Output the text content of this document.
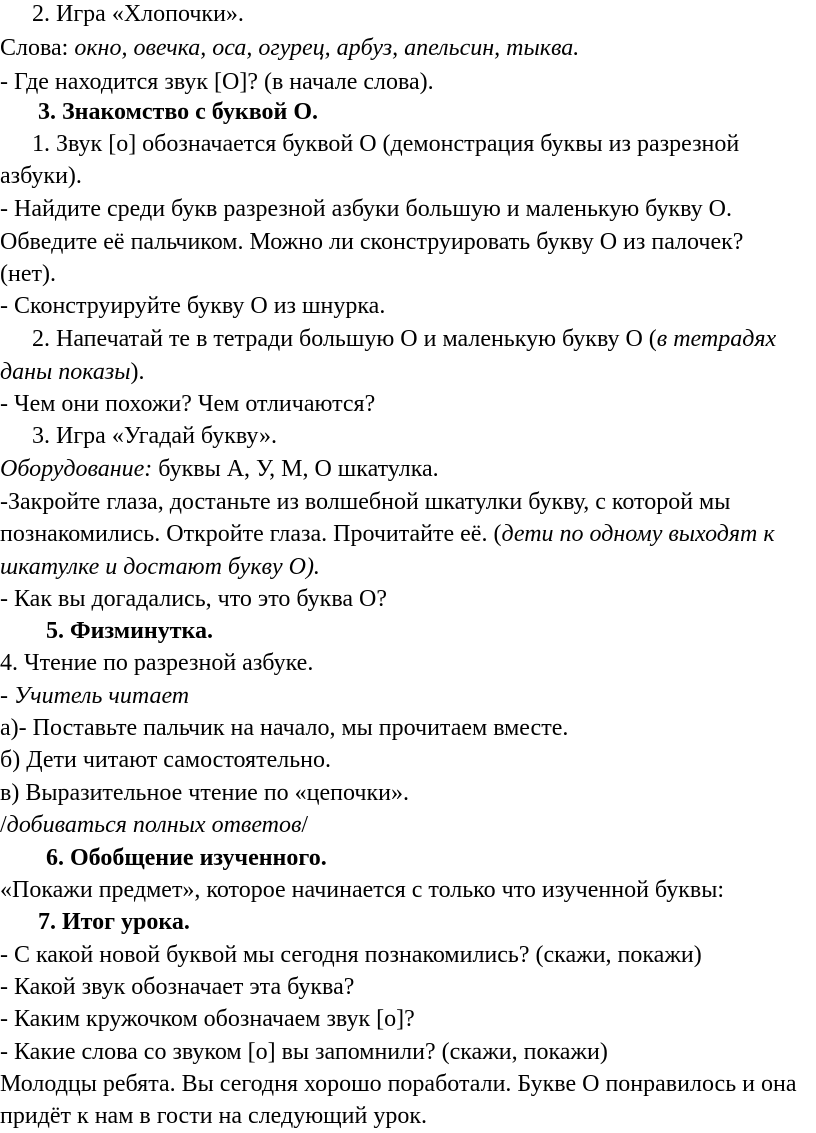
2. Игра «Хлопочки».
Слова: окно, овечка, оса, огурец, арбуз, апельсин, тыква.
- Где находится звук [О]? (в начале слова).
3. Знакомство с буквой О.
1. Звук [о] обозначается буквой О (демонстрация буквы из разрезной
азбуки).
- Найдите среди букв разрезной азбуки большую и маленькую букву О.
Обведите её пальчиком. Можно ли сконструировать букву О из палочек?
(нет).
- Сконструируйте букву О из шнурка.
2. Напечатай те в тетради большую О и маленькую букву О (в тетрадях
даны показы).
- Чем они похожи? Чем отличаются?
3. Игра «Угадай букву».
Оборудование: буквы А, У, М, О шкатулка.
-Закройте глаза, достаньте из волшебной шкатулки букву, с которой мы
познакомились. Откройте глаза. Прочитайте её. (дети по одному выходят к
шкатулке и достают букву О).
- Как вы догадались, что это буква О?
5. Физминутка.
4. Чтение по разрезной азбуке.
- Учитель читает
а)- Поставьте пальчик на начало, мы прочитаем вместе.
б) Дети читают самостоятельно.
в) Выразительное чтение по «цепочки».
/добиваться полных ответов/
6. Обобщение изученного.
«Покажи предмет», которое начинается с только что изученной буквы:
7. Итог урока.
- С какой новой буквой мы сегодня познакомились? (скажи, покажи)
- Какой звук обозначает эта буква?
- Каким кружочком обозначаем звук [о]?
- Какие слова со звуком [о] вы запомнили? (скажи, покажи)
Молодцы ребята. Вы сегодня хорошо поработали. Букве О понравилось и она
придёт к нам в гости на следующий урок.
